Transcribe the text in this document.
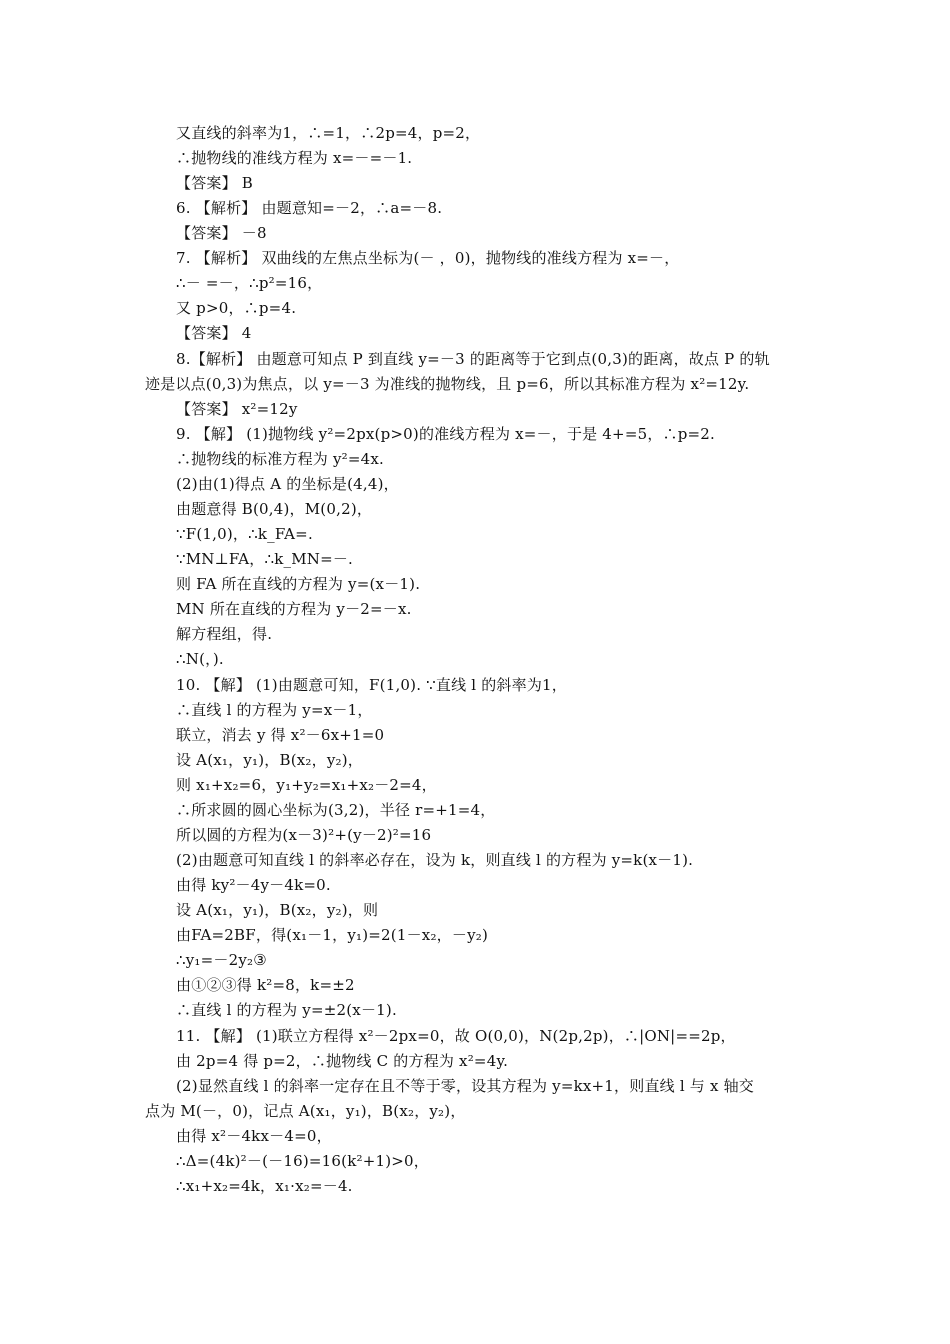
又直线的斜率为1，∴=1，∴2p=4，p=2，
∴抛物线的准线方程为 x=－=－1.
【答案】 B
6. 【解析】 由题意知=－2，∴a=－8.
【答案】 －8
7. 【解析】 双曲线的左焦点坐标为(－ ，0)，抛物线的准线方程为 x=－，
∴－ =－，∴p²=16，
又 p>0，∴p=4.
【答案】 4
8.【解析】 由题意可知点 P 到直线 y=－3 的距离等于它到点(0,3)的距离，故点 P 的轨
迹是以点(0,3)为焦点，以 y=－3 为准线的抛物线，且 p=6，所以其标准方程为 x²=12y.
【答案】 x²=12y
9. 【解】 (1)抛物线 y²=2px(p>0)的准线方程为 x=－，于是 4+=5，∴p=2.
∴抛物线的标准方程为 y²=4x.
(2)由(1)得点 A 的坐标是(4,4)，
由题意得 B(0,4)，M(0,2)，
∵F(1,0)，∴k_FA=.
∵MN⊥FA，∴k_MN=－.
则 FA 所在直线的方程为 y=(x－1).
MN 所在直线的方程为 y－2=－x.
解方程组，得.
∴N(，).
10. 【解】 (1)由题意可知，F(1,0). ∵直线 l 的斜率为1，
∴直线 l 的方程为 y=x－1，
联立，消去 y 得 x²－6x+1=0
设 A(x₁，y₁)，B(x₂，y₂)，
则 x₁+x₂=6，y₁+y₂=x₁+x₂－2=4，
∴所求圆的圆心坐标为(3,2)，半径 r=+1=4，
所以圆的方程为(x－3)²+(y－2)²=16
(2)由题意可知直线 l 的斜率必存在，设为 k，则直线 l 的方程为 y=k(x－1).
由得 ky²－4y－4k=0.
设 A(x₁，y₁)，B(x₂，y₂)，则
由FA=2BF，得(x₁－1，y₁)=2(1－x₂，－y₂)
∴y₁=－2y₂③
由①②③得 k²=8，k=±2
∴直线 l 的方程为 y=±2(x－1).
11. 【解】 (1)联立方程得 x²－2px=0，故 O(0,0)，N(2p,2p)，∴|ON|==2p，
由 2p=4 得 p=2，∴抛物线 C 的方程为 x²=4y.
(2)显然直线 l 的斜率一定存在且不等于零，设其方程为 y=kx+1，则直线 l 与 x 轴交
点为 M(－，0)，记点 A(x₁，y₁)，B(x₂，y₂)，
由得 x²－4kx－4=0，
∴Δ=(4k)²－(－16)=16(k²+1)>0，
∴x₁+x₂=4k，x₁·x₂=－4.
